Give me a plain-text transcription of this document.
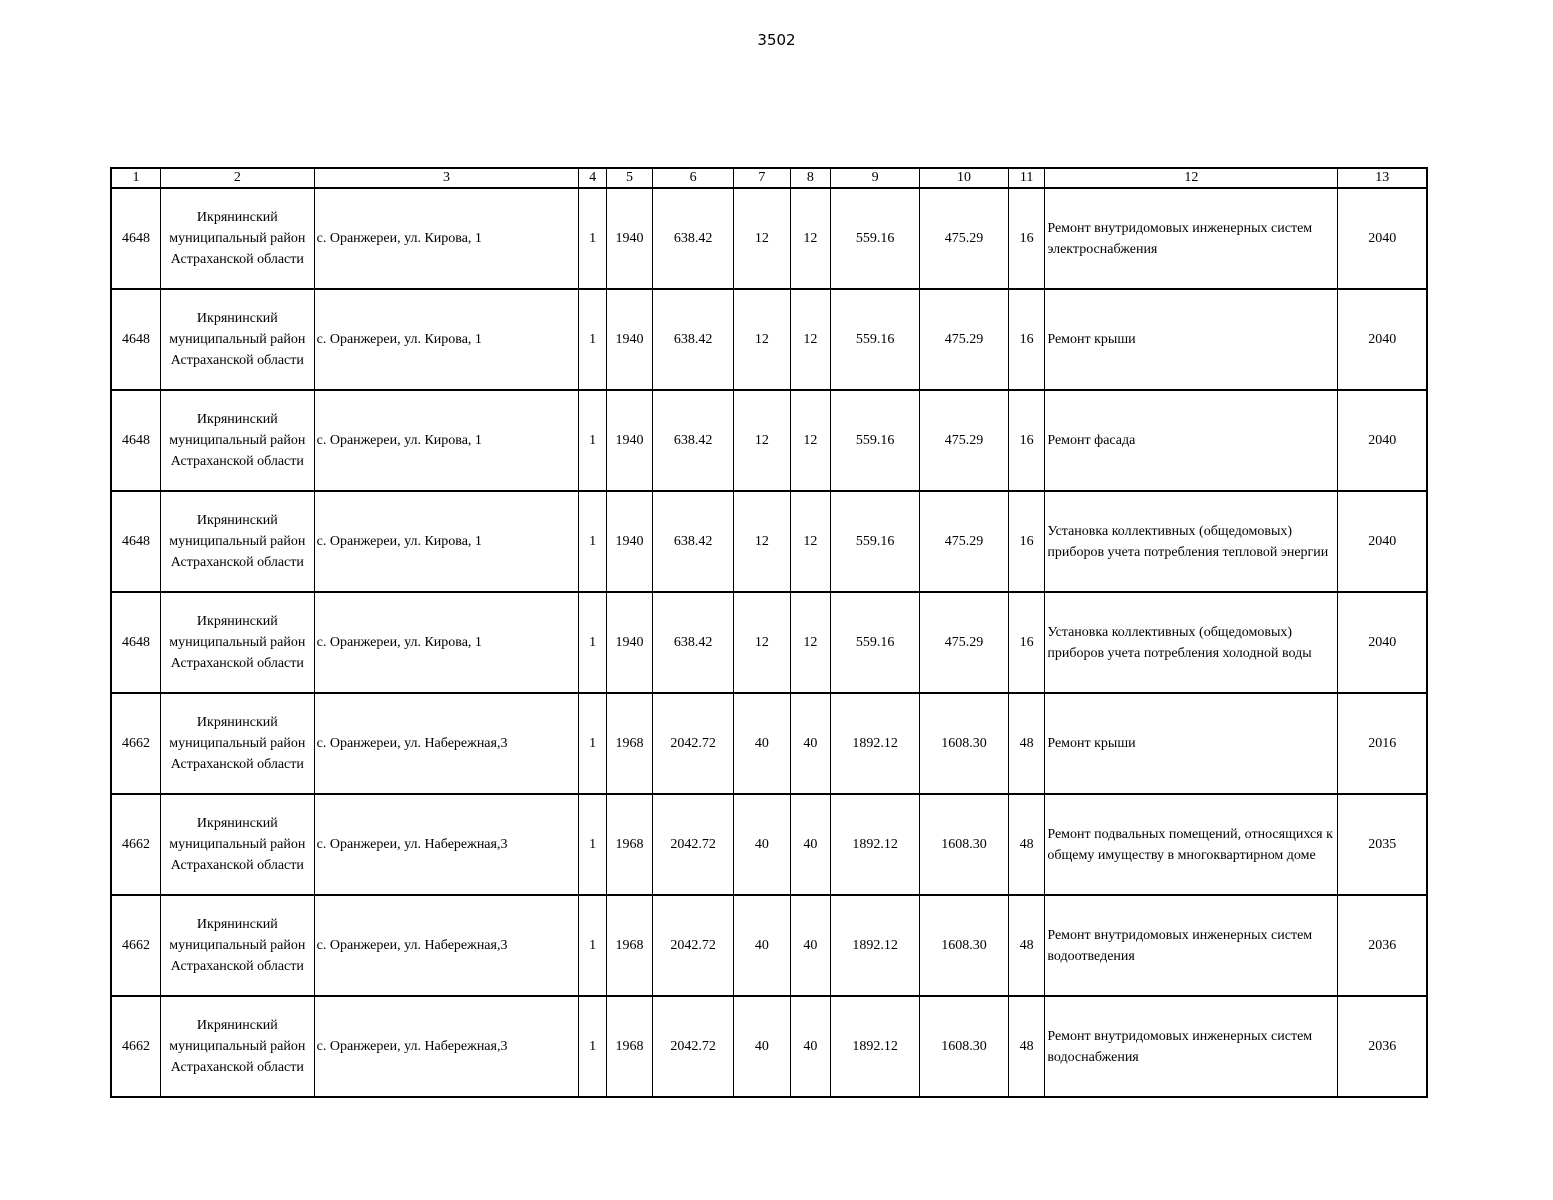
3502
1	2	3	4	5	6	7	8	9	10	11	12	13
4648	Икрянинский муниципальный район Астраханской области	с. Оранжереи, ул. Кирова, 1	1	1940	638.42	12	12	559.16	475.29	16	Ремонт внутридомовых инженерных систем электроснабжения	2040
4648	Икрянинский муниципальный район Астраханской области	с. Оранжереи, ул. Кирова, 1	1	1940	638.42	12	12	559.16	475.29	16	Ремонт крыши	2040
4648	Икрянинский муниципальный район Астраханской области	с. Оранжереи, ул. Кирова, 1	1	1940	638.42	12	12	559.16	475.29	16	Ремонт фасада	2040
4648	Икрянинский муниципальный район Астраханской области	с. Оранжереи, ул. Кирова, 1	1	1940	638.42	12	12	559.16	475.29	16	Установка коллективных (общедомовых) приборов учета потребления тепловой энергии	2040
4648	Икрянинский муниципальный район Астраханской области	с. Оранжереи, ул. Кирова, 1	1	1940	638.42	12	12	559.16	475.29	16	Установка коллективных (общедомовых) приборов учета потребления холодной воды	2040
4662	Икрянинский муниципальный район Астраханской области	с. Оранжереи, ул. Набережная,3	1	1968	2042.72	40	40	1892.12	1608.30	48	Ремонт крыши	2016
4662	Икрянинский муниципальный район Астраханской области	с. Оранжереи, ул. Набережная,3	1	1968	2042.72	40	40	1892.12	1608.30	48	Ремонт подвальных помещений, относящихся к общему имуществу в многоквартирном доме	2035
4662	Икрянинский муниципальный район Астраханской области	с. Оранжереи, ул. Набережная,3	1	1968	2042.72	40	40	1892.12	1608.30	48	Ремонт внутридомовых инженерных систем водоотведения	2036
4662	Икрянинский муниципальный район Астраханской области	с. Оранжереи, ул. Набережная,3	1	1968	2042.72	40	40	1892.12	1608.30	48	Ремонт внутридомовых инженерных систем водоснабжения	2036
